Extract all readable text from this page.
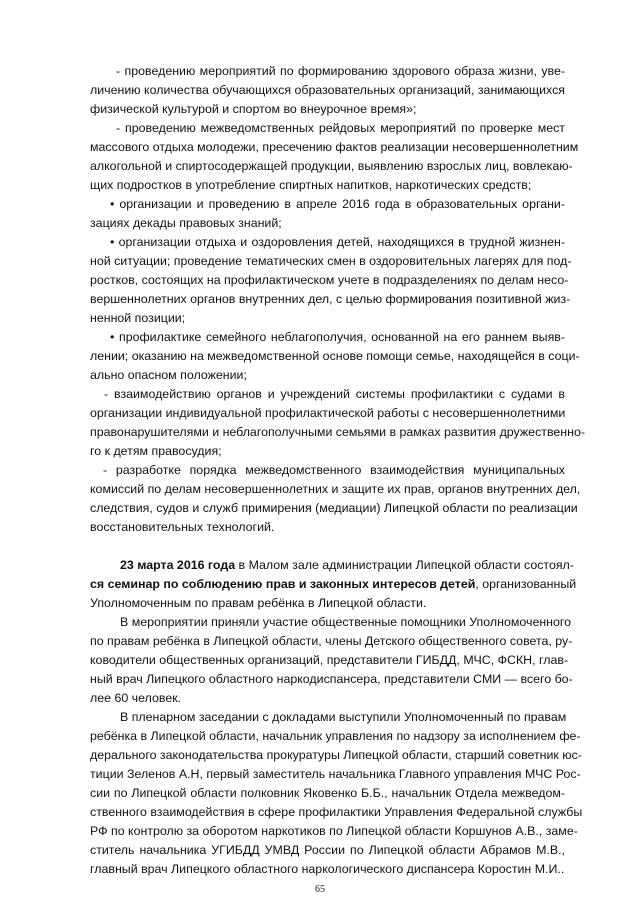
- проведению мероприятий по формированию здорового образа жизни, уве-
личению количества обучающихся образовательных организаций, занимающихся
физической культурой и спортом во внеурочное время»;
- проведению межведомственных рейдовых мероприятий по проверке мест
массового отдыха молодежи, пресечению фактов реализации несовершеннолетним
алкогольной и спиртосодержащей продукции, выявлению взрослых лиц, вовлекаю-
щих подростков в употребление спиртных напитков, наркотических средств;
• организации и проведению в апреле 2016 года в образовательных органи-
зациях декады правовых знаний;
• организации отдыха и оздоровления детей, находящихся в трудной жизнен-
ной ситуации; проведение тематических смен в оздоровительных лагерях для под-
ростков, состоящих на профилактическом учете в подразделениях по делам несо-
вершеннолетних органов внутренних дел, с целью формирования позитивной жиз-
ненной позиции;
• профилактике семейного неблагополучия, основанной на его раннем выяв-
лении; оказанию на межведомственной основе помощи семье, находящейся в соци-
ально опасном положении;
- взаимодействию органов и учреждений системы профилактики с судами в
организации индивидуальной профилактической работы с несовершеннолетними
правонарушителями и неблагополучными семьями в рамках развития дружественно-
го к детям правосудия;
- разработке порядка межведомственного взаимодействия муниципальных
комиссий по делам несовершеннолетних и защите их прав, органов внутренних дел,
следствия, судов и служб примирения (медиации) Липецкой области по реализации
восстановительных технологий.
23 марта 2016 года в Малом зале администрации Липецкой области состоял-
ся семинар по соблюдению прав и законных интересов детей, организованный
Уполномоченным по правам ребёнка в Липецкой области.
В мероприятии приняли участие общественные помощники Уполномоченного
по правам ребёнка в Липецкой области, члены Детского общественного совета, ру-
ководители общественных организаций, представители ГИБДД, МЧС, ФСКН, глав-
ный врач Липецкого областного наркодиспансера, представители СМИ — всего бо-
лее 60 человек.
В пленарном заседании с докладами выступили Уполномоченный по правам
ребёнка в Липецкой области, начальник управления по надзору за исполнением фе-
дерального законодательства прокуратуры Липецкой области, старший советник юс-
тиции Зеленов А.Н, первый заместитель начальника Главного управления МЧС Рос-
сии по Липецкой области полковник Яковенко Б.Б., начальник Отдела межведом-
ственного взаимодействия в сфере профилактики Управления Федеральной службы
РФ по контролю за оборотом наркотиков по Липецкой области Коршунов А.В., заме-
ститель начальника УГИБДД УМВД России по Липецкой области Абрамов М.В.,
главный врач Липецкого областного наркологического диспансера Коростин М.И..
65
